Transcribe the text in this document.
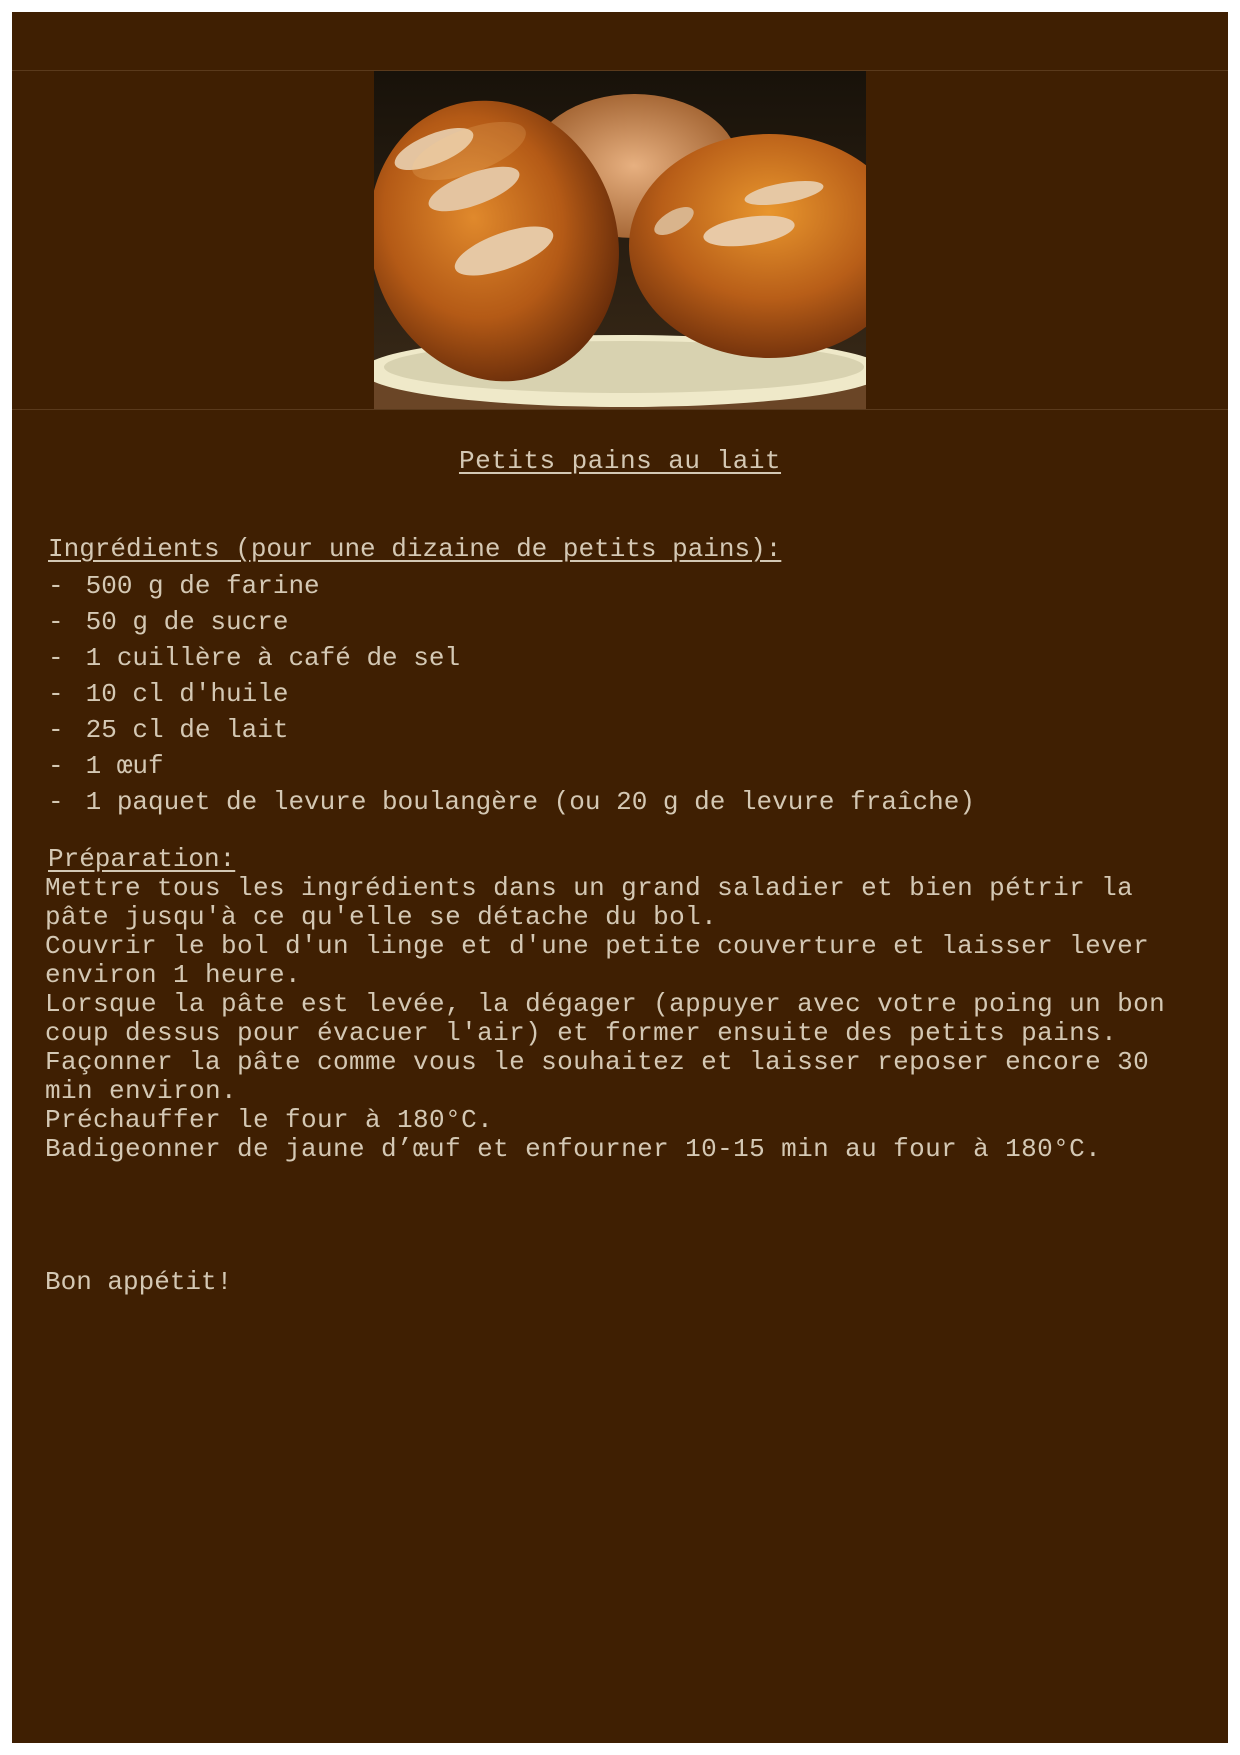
Petits pains au lait
Ingrédients (pour une dizaine de petits pains):
- 500 g de farine
- 50 g de sucre
- 1 cuillère à café de sel
- 10 cl d'huile
- 25 cl de lait
- 1 œuf
- 1 paquet de levure boulangère (ou 20 g de levure fraîche)
Préparation:

Mettre tous les ingrédients dans un grand saladier et bien pétrir la pâte jusqu'à ce qu'elle se détache du bol.

Couvrir le bol d'un linge et d'une petite couverture et laisser lever environ 1 heure.

Lorsque la pâte est levée, la dégager (appuyer avec votre poing un bon coup dessus pour évacuer l'air) et former ensuite des petits pains.

Façonner la pâte comme vous le souhaitez et laisser reposer encore 30 min environ.

Préchauffer le four à 180°C.

Badigeonner de jaune d’œuf et enfourner 10-15 min au four à 180°C.

Bon appétit!
